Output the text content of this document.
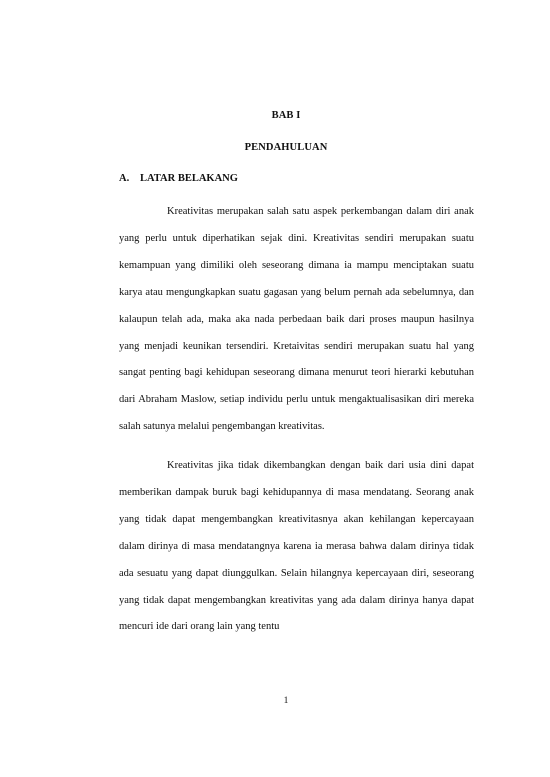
BAB I
PENDAHULUAN
A. LATAR BELAKANG

Kreativitas merupakan salah satu aspek perkembangan dalam diri anak yang perlu untuk diperhatikan sejak dini. Kreativitas sendiri merupakan suatu kemampuan yang dimiliki oleh seseorang dimana ia mampu menciptakan suatu karya atau mengungkapkan suatu gagasan yang belum pernah ada sebelumnya, dan kalaupun telah ada, maka aka nada perbedaan baik dari proses maupun hasilnya yang menjadi keunikan tersendiri. Kretaivitas sendiri merupakan suatu hal yang sangat penting bagi kehidupan seseorang dimana menurut teori hierarki kebutuhan dari Abraham Maslow, setiap individu perlu untuk mengaktualisasikan diri mereka salah satunya melalui pengembangan kreativitas.

Kreativitas jika tidak dikembangkan dengan baik dari usia dini dapat memberikan dampak buruk bagi kehidupannya di masa mendatang. Seorang anak yang tidak dapat mengembangkan kreativitasnya akan kehilangan kepercayaan dalam dirinya di masa mendatangnya karena ia merasa bahwa dalam dirinya tidak ada sesuatu yang dapat diunggulkan. Selain hilangnya kepercayaan diri, seseorang yang tidak dapat mengembangkan kreativitas yang ada dalam dirinya hanya dapat mencuri ide dari orang lain yang tentu

1
